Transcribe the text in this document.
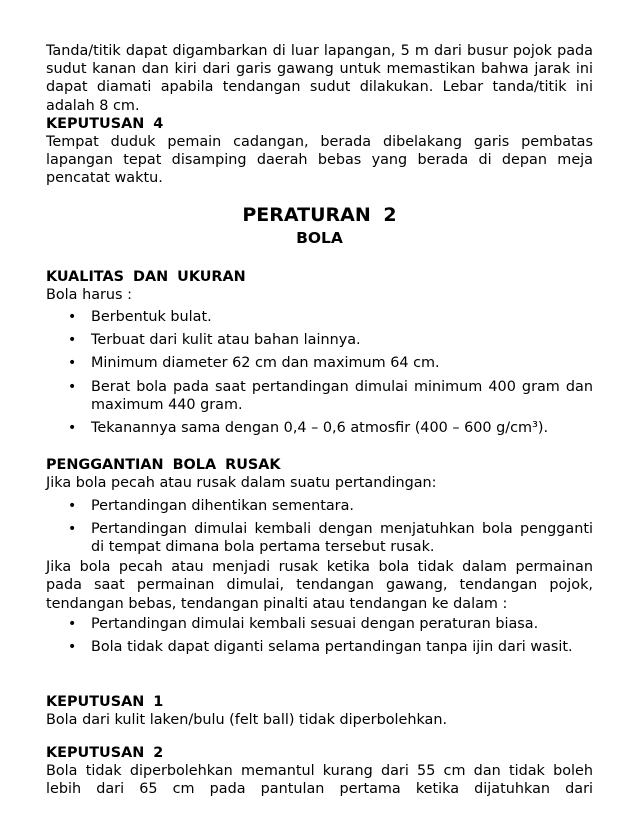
Tanda/titik dapat digambarkan di luar lapangan, 5 m dari busur pojok pada sudut kanan dan kiri dari garis gawang untuk memastikan bahwa jarak ini dapat diamati apabila tendangan sudut dilakukan. Lebar tanda/titik ini adalah 8 cm.

KEPUTUSAN 4

Tempat duduk pemain cadangan, berada dibelakang garis pembatas lapangan tepat disamping daerah bebas yang berada di depan meja pencatat waktu.

PERATURAN 2

BOLA

KUALITAS DAN UKURAN

Bola harus :

• Berbentuk bulat.
• Terbuat dari kulit atau bahan lainnya.
• Minimum diameter 62 cm dan maximum 64 cm.
• Berat bola pada saat pertandingan dimulai minimum 400 gram dan maximum 440 gram.
• Tekanannya sama dengan 0,4 – 0,6 atmosfir (400 – 600 g/cm³).

PENGGANTIAN BOLA RUSAK

Jika bola pecah atau rusak dalam suatu pertandingan:

• Pertandingan dihentikan sementara.
• Pertandingan dimulai kembali dengan menjatuhkan bola pengganti di tempat dimana bola pertama tersebut rusak.

Jika bola pecah atau menjadi rusak ketika bola tidak dalam permainan pada saat permainan dimulai, tendangan gawang, tendangan pojok, tendangan bebas, tendangan pinalti atau tendangan ke dalam :

• Pertandingan dimulai kembali sesuai dengan peraturan biasa.
• Bola tidak dapat diganti selama pertandingan tanpa ijin dari wasit.

KEPUTUSAN 1

Bola dari kulit laken/bulu (felt ball) tidak diperbolehkan.

KEPUTUSAN 2

Bola tidak diperbolehkan memantul kurang dari 55 cm dan tidak boleh lebih dari 65 cm pada pantulan pertama ketika dijatuhkan dari
